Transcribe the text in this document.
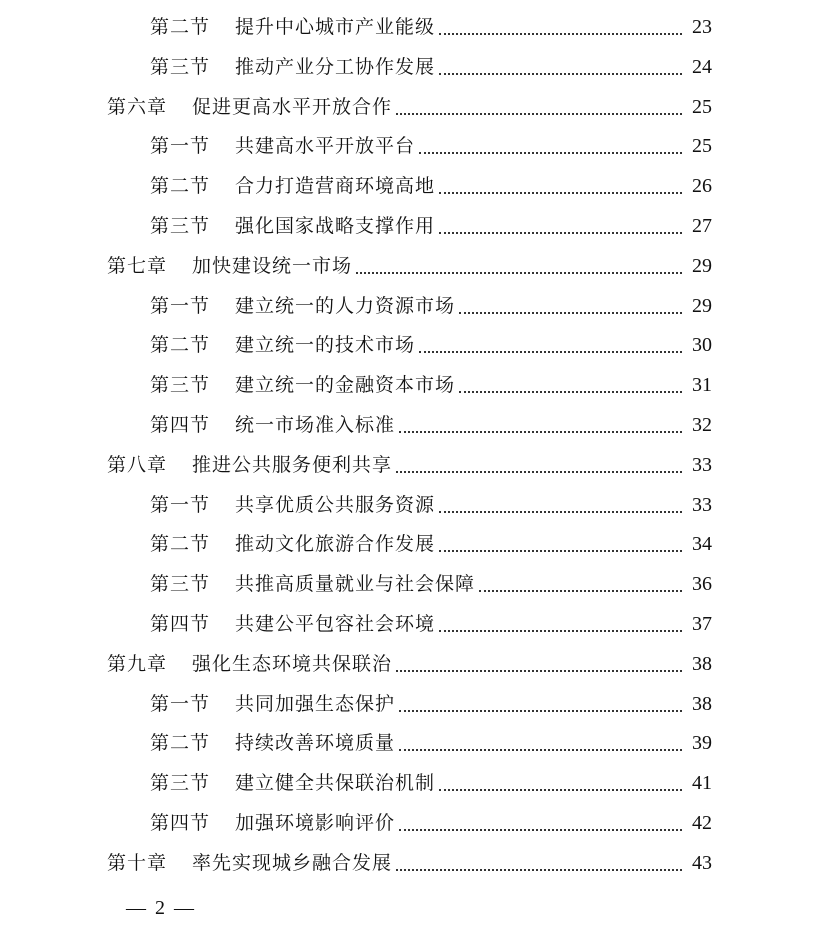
第二节 提升中心城市产业能级	23
第三节 推动产业分工协作发展	24
第六章 促进更高水平开放合作	25
第一节 共建高水平开放平台	25
第二节 合力打造营商环境高地	26
第三节 强化国家战略支撑作用	27
第七章 加快建设统一市场	29
第一节 建立统一的人力资源市场	29
第二节 建立统一的技术市场	30
第三节 建立统一的金融资本市场	31
第四节 统一市场准入标准	32
第八章 推进公共服务便利共享	33
第一节 共享优质公共服务资源	33
第二节 推动文化旅游合作发展	34
第三节 共推高质量就业与社会保障	36
第四节 共建公平包容社会环境	37
第九章 强化生态环境共保联治	38
第一节 共同加强生态保护	38
第二节 持续改善环境质量	39
第三节 建立健全共保联治机制	41
第四节 加强环境影响评价	42
第十章 率先实现城乡融合发展	43
— 2 —
